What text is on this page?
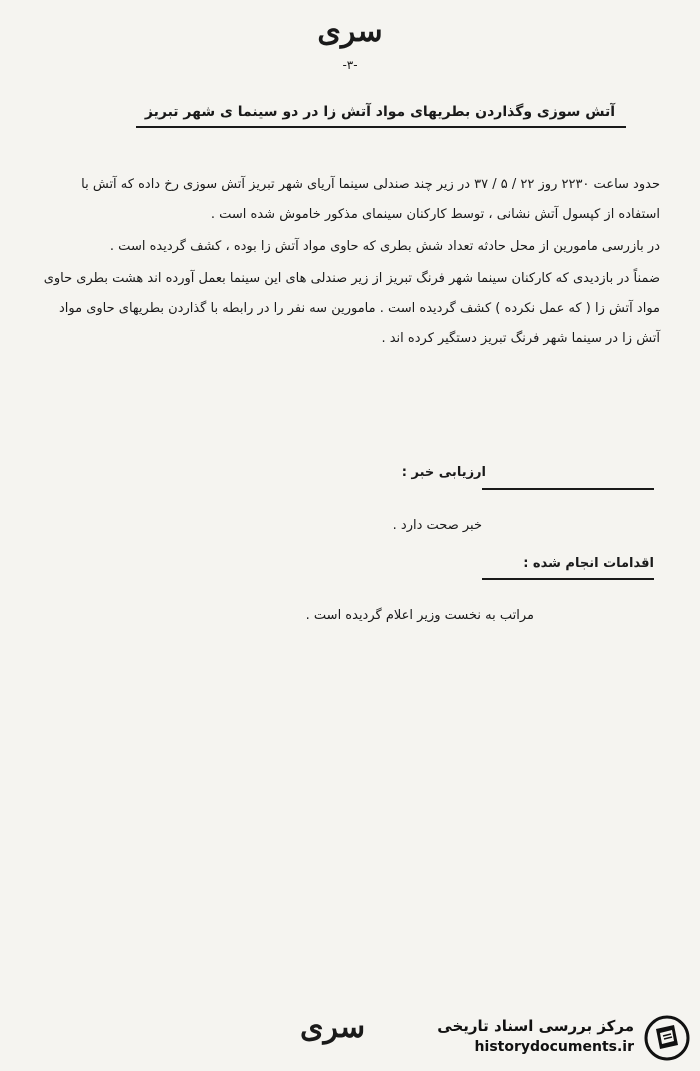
سری
-۳-
آتش سوزی وگذاردن بطریهای مواد آتش زا در دو سینما ی شهر تبریز

حدود ساعت ۲۲۳۰ روز ۲۲ / ۵ / ۳۷ در زیر چند صندلی سینما آریای شهر تبریز آتش سوزی رخ داده که آتش با استفاده از کپسول آتش نشانی ، توسط کارکنان سینمای مذکور خاموش شده است .

در بازرسی مامورین از محل حادثه تعداد شش بطری که حاوی مواد آتش زا بوده ، کشف گردیده است .

ضمناً در بازدیدی که کارکنان سینما شهر فرنگ تبریز از زیر صندلی های این سینما بعمل آورده اند هشت بطری حاوی مواد آتش زا ( که عمل نکرده ) کشف گردیده است . مامورین سه نفر را در رابطه با گذاردن بطریهای حاوی مواد آتش زا در سینما شهر فرنگ تبریز دستگیر کرده اند .

ارزیابی خبر :
خبر صحت دارد .
اقدامات انجام شده :
مراتب به نخست وزیر اعلام گردیده است .
سری	مرکز بررسی اسناد تاریخی
historydocuments.ir
